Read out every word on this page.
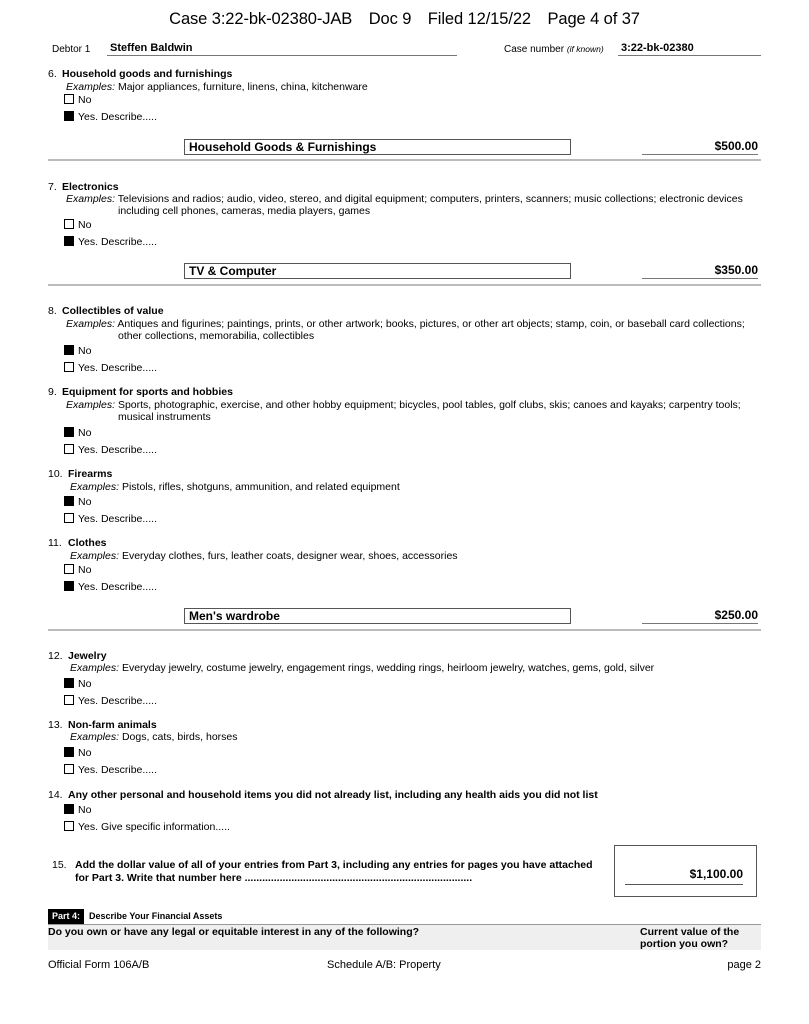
Case 3:22-bk-02380-JAB Doc 9 Filed 12/15/22 Page 4 of 37
Debtor 1 Steffen Baldwin	Case number (if known) 3:22-bk-02380
6. Household goods and furnishings
Examples: Major appliances, furniture, linens, china, kitchenware
No
Yes. Describe.....
Household Goods & Furnishings	$500.00
7. Electronics
Examples: Televisions and radios; audio, video, stereo, and digital equipment; computers, printers, scanners; music collections; electronic devices
including cell phones, cameras, media players, games
No
Yes. Describe.....
TV & Computer	$350.00
8. Collectibles of value
Examples: Antiques and figurines; paintings, prints, or other artwork; books, pictures, or other art objects; stamp, coin, or baseball card collections;
other collections, memorabilia, collectibles
No
Yes. Describe.....
9. Equipment for sports and hobbies
Examples: Sports, photographic, exercise, and other hobby equipment; bicycles, pool tables, golf clubs, skis; canoes and kayaks; carpentry tools;
musical instruments
No
Yes. Describe.....
10. Firearms
Examples: Pistols, rifles, shotguns, ammunition, and related equipment
No
Yes. Describe.....
11. Clothes
Examples: Everyday clothes, furs, leather coats, designer wear, shoes, accessories
No
Yes. Describe.....
Men's wardrobe	$250.00
12. Jewelry
Examples: Everyday jewelry, costume jewelry, engagement rings, wedding rings, heirloom jewelry, watches, gems, gold, silver
No
Yes. Describe.....
13. Non-farm animals
Examples: Dogs, cats, birds, horses
No
Yes. Describe.....
14. Any other personal and household items you did not already list, including any health aids you did not list
No
Yes. Give specific information.....
15. Add the dollar value of all of your entries from Part 3, including any entries for pages you have attached
for Part 3. Write that number here ..............................................................................	$1,100.00
Part 4: Describe Your Financial Assets
Do you own or have any legal or equitable interest in any of the following?	Current value of the
portion you own?
Official Form 106A/B	Schedule A/B: Property	page 2
